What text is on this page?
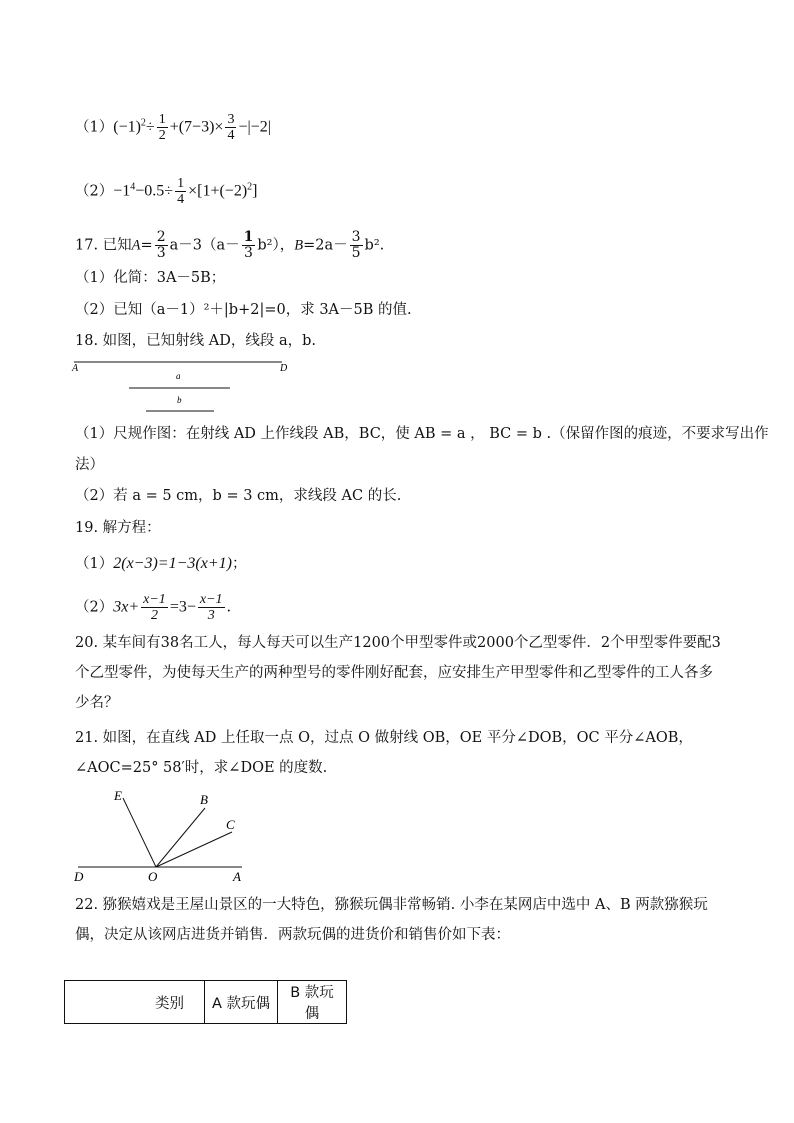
$(1)(-1)^2\div \frac{1}{2} +(7-3)\times \frac{3}{4} -|-2|$
$(2)-1^4-0.5\div \frac{1}{4} \times[1+(-2)^2]$
17. 已知$A= \frac{2}{3} a-3(a- \frac{1}{3} b^2)$，$B=2a- \frac{3}{5} b^2$.
（1）化简：3A－5B；
（2）已知（a－1）²＋|b+2|=0，求 3A－5B 的值.
18. 如图，已知射线 AD，线段 a，b.
A	D
a
b
（1）尺规作图：在射线 AD 上作线段 AB，BC，使 AB = a ， BC = b .（保留作图的痕迹，不要求写出作
法）
（2）若 a = 5 cm，b = 3 cm，求线段 AC 的长.
19. 解方程：
（1）2(x−3)=1−3(x+1)；
$(2)3x+ \frac{x-1}{2} =3- \frac{x-1}{3}$ .
20. 某车间有38名工人，每人每天可以生产1200个甲型零件或2000个乙型零件．2个甲型零件要配3个乙型零件，为使每天生产的两种型号的零件刚好配套，应安排生产甲型零件和乙型零件的工人各多少名？
21. 如图，在直线 AD 上任取一点 O，过点 O 做射线 OB，OE 平分∠DOB，OC 平分∠AOB，∠AOC=25° 58′时，求∠DOE 的度数.
E	B
C
D	O	A
22. 猕猴嬉戏是王屋山景区的一大特色，猕猴玩偶非常畅销. 小李在某网店中选中 A、B 两款猕猴玩偶，决定从该网店进货并销售．两款玩偶的进货价和销售价如下表：
类别	A 款玩偶	B 款玩偶
